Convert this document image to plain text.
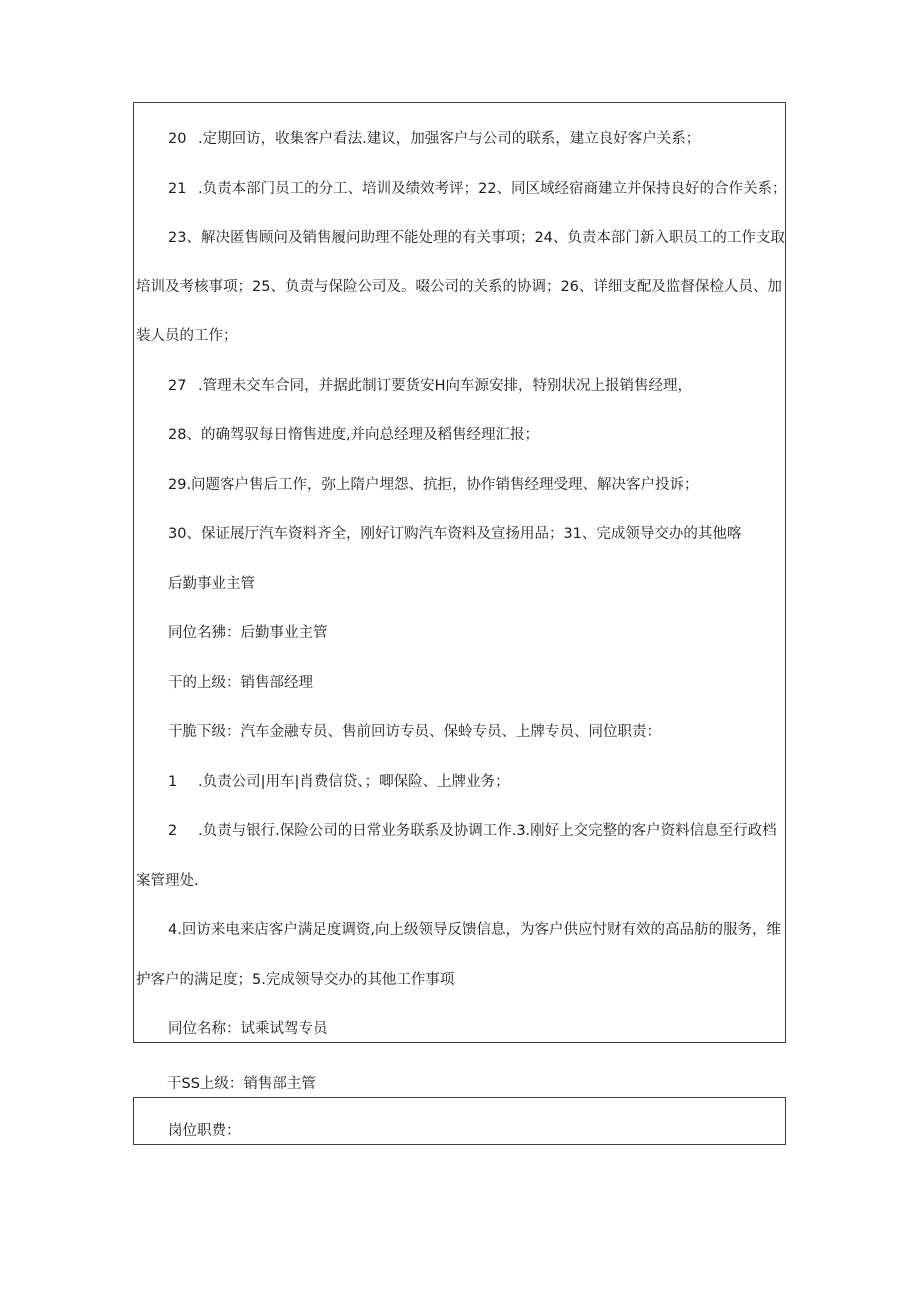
20 .定期回访，收集客户看法.建议，加强客户与公司的联系，建立良好客户关系；
21 .负责本部门员工的分工、培训及绩效考评；22、同区域经宿商建立并保持良好的合作关系；
23、解决匿售顾问及销售履问助理不能处理的有关事项；24、负责本部门新入职员工的工作支取
培训及考核事项；25、负责与保险公司及。啜公司的关系的协调；26、详细支配及监督保检人员、加
装人员的工作；
27 .管理未交车合同，并据此制订要货安H向车源安排，特别状况上报销售经理，
28、的确驾驭每日惰售进度,并向总经理及稻售经理汇报；
29.问题客户售后工作，弥上隋户埋怨、抗拒，协作销售经理受理、解决客户投诉；
30、保证展厅汽车资料齐全，刚好订购汽车资料及宣扬用品；31、完成领导交办的其他喀
后勤事业主管
同位名狒：后勤事业主管
干的上级：销售部经理
干脆下级：汽车金融专员、售前回访专员、保蛉专员、上牌专员、同位职责：
1 .负责公司|用车|肖费信贷、；唧保险、上牌业务；
2 .负责与银行.保险公司的日常业务联系及协调工作.3.刚好上交完整的客户资料信息至行政档
案管理处.
4.回访来电来店客户满足度调资,向上级领导反馈信息，为客户供应忖财有效的高品舫的服务，维
护客户的满足度；5.完成领导交办的其他工作事项
同位名称：试乘试驾专员
干SS上级：销售部主管
岗位职费：
